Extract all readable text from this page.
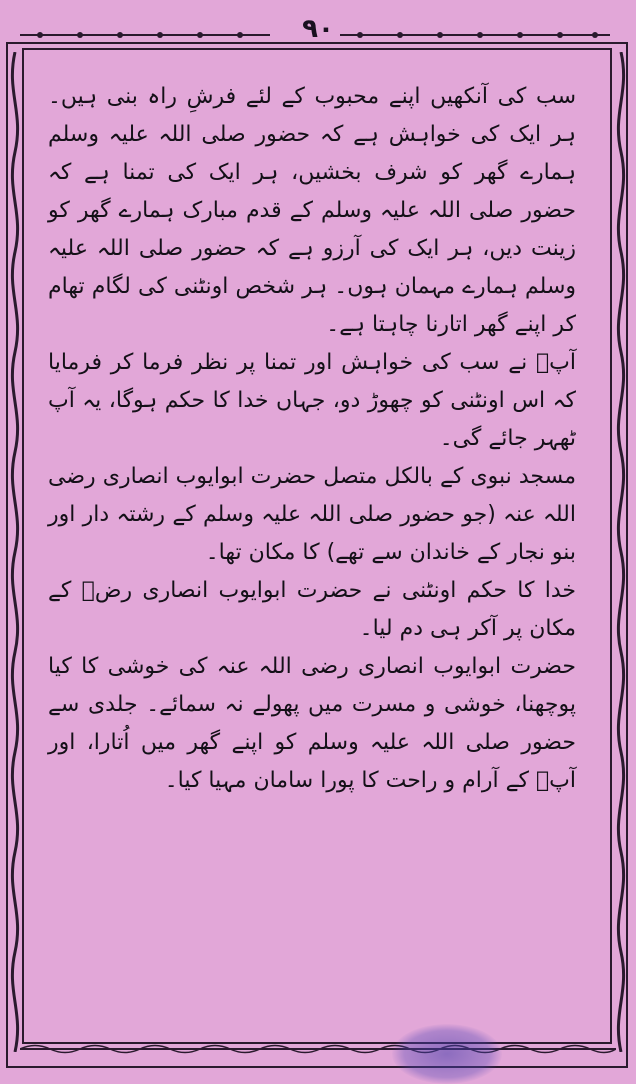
۹۰

سب کی آنکھیں اپنے محبوب کے لئے فرشِ راہ بنی ہیں۔ ہر ایک کی خواہش ہے کہ حضور صلی اللہ علیہ وسلم ہمارے گھر کو شرف بخشیں، ہر ایک کی تمنا ہے کہ حضور صلی اللہ علیہ وسلم کے قدم مبارک ہمارے گھر کو زینت دیں، ہر ایک کی آرزو ہے کہ حضور صلی اللہ علیہ وسلم ہمارے مہمان ہوں۔ ہر شخص اونٹنی کی لگام تھام کر اپنے گھر اتارنا چاہتا ہے۔

آپؐ نے سب کی خواہش اور تمنا پر نظر فرما کر فرمایا کہ اس اونٹنی کو چھوڑ دو، جہاں خدا کا حکم ہوگا، یہ آپ ٹھہر جائے گی۔

مسجد نبوی کے بالکل متصل حضرت ابوایوب انصاری رضی اللہ عنہ (جو حضور صلی اللہ علیہ وسلم کے رشتہ دار اور بنو نجار کے خاندان سے تھے) کا مکان تھا۔

خدا کا حکم اونٹنی نے حضرت ابوایوب انصاری رضؓ کے مکان پر آکر ہی دم لیا۔

حضرت ابوایوب انصاری رضی اللہ عنہ کی خوشی کا کیا پوچھنا، خوشی و مسرت میں پھولے نہ سمائے۔ جلدی سے حضور صلی اللہ علیہ وسلم کو اپنے گھر میں اُتارا، اور آپؐ کے آرام و راحت کا پورا سامان مہیا کیا۔
